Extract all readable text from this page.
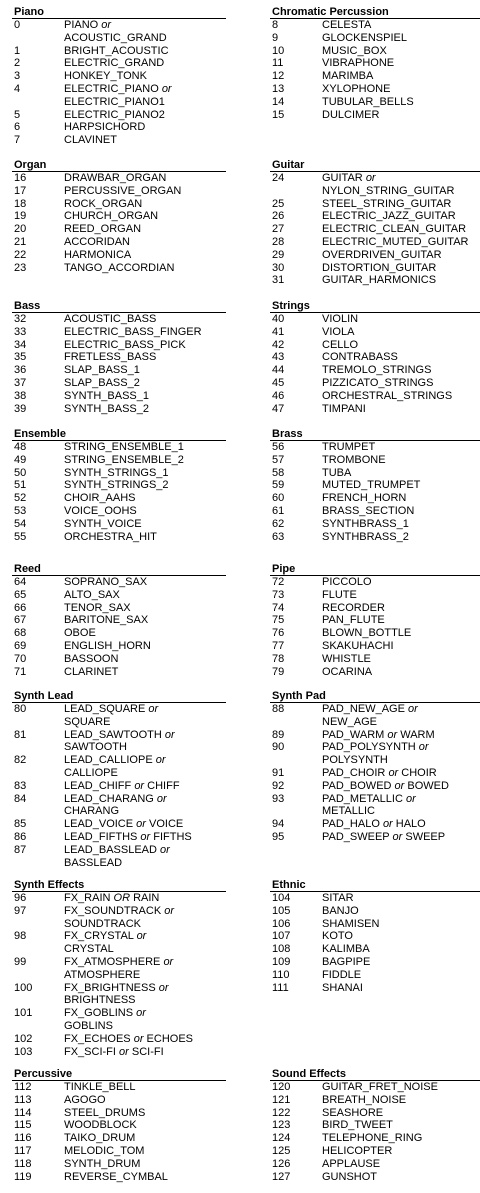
Piano
0	PIANO or
ACOUSTIC_GRAND
1	BRIGHT_ACOUSTIC
2	ELECTRIC_GRAND
3	HONKEY_TONK
4	ELECTRIC_PIANO or
ELECTRIC_PIANO1
5	ELECTRIC_PIANO2
6	HARPSICHORD
7	CLAVINET
Chromatic Percussion
8	CELESTA
9	GLOCKENSPIEL
10	MUSIC_BOX
11	VIBRAPHONE
12	MARIMBA
13	XYLOPHONE
14	TUBULAR_BELLS
15	DULCIMER
Organ
16	DRAWBAR_ORGAN
17	PERCUSSIVE_ORGAN
18	ROCK_ORGAN
19	CHURCH_ORGAN
20	REED_ORGAN
21	ACCORIDAN
22	HARMONICA
23	TANGO_ACCORDIAN
Guitar
24	GUITAR or
NYLON_STRING_GUITAR
25	STEEL_STRING_GUITAR
26	ELECTRIC_JAZZ_GUITAR
27	ELECTRIC_CLEAN_GUITAR
28	ELECTRIC_MUTED_GUITAR
29	OVERDRIVEN_GUITAR
30	DISTORTION_GUITAR
31	GUITAR_HARMONICS
Bass
32	ACOUSTIC_BASS
33	ELECTRIC_BASS_FINGER
34	ELECTRIC_BASS_PICK
35	FRETLESS_BASS
36	SLAP_BASS_1
37	SLAP_BASS_2
38	SYNTH_BASS_1
39	SYNTH_BASS_2
Strings
40	VIOLIN
41	VIOLA
42	CELLO
43	CONTRABASS
44	TREMOLO_STRINGS
45	PIZZICATO_STRINGS
46	ORCHESTRAL_STRINGS
47	TIMPANI
Ensemble
48	STRING_ENSEMBLE_1
49	STRING_ENSEMBLE_2
50	SYNTH_STRINGS_1
51	SYNTH_STRINGS_2
52	CHOIR_AAHS
53	VOICE_OOHS
54	SYNTH_VOICE
55	ORCHESTRA_HIT
Brass
56	TRUMPET
57	TROMBONE
58	TUBA
59	MUTED_TRUMPET
60	FRENCH_HORN
61	BRASS_SECTION
62	SYNTHBRASS_1
63	SYNTHBRASS_2
Reed
64	SOPRANO_SAX
65	ALTO_SAX
66	TENOR_SAX
67	BARITONE_SAX
68	OBOE
69	ENGLISH_HORN
70	BASSOON
71	CLARINET
Pipe
72	PICCOLO
73	FLUTE
74	RECORDER
75	PAN_FLUTE
76	BLOWN_BOTTLE
77	SKAKUHACHI
78	WHISTLE
79	OCARINA
Synth Lead
80	LEAD_SQUARE or
SQUARE
81	LEAD_SAWTOOTH or
SAWTOOTH
82	LEAD_CALLIOPE or
CALLIOPE
83	LEAD_CHIFF or CHIFF
84	LEAD_CHARANG or
CHARANG
85	LEAD_VOICE or VOICE
86	LEAD_FIFTHS or FIFTHS
87	LEAD_BASSLEAD or
BASSLEAD
Synth Pad
88	PAD_NEW_AGE or
NEW_AGE
89	PAD_WARM or WARM
90	PAD_POLYSYNTH or
POLYSYNTH
91	PAD_CHOIR or CHOIR
92	PAD_BOWED or BOWED
93	PAD_METALLIC or
METALLIC
94	PAD_HALO or HALO
95	PAD_SWEEP or SWEEP
Synth Effects
96	FX_RAIN OR RAIN
97	FX_SOUNDTRACK or
SOUNDTRACK
98	FX_CRYSTAL or
CRYSTAL
99	FX_ATMOSPHERE or
ATMOSPHERE
100	FX_BRIGHTNESS or
BRIGHTNESS
101	FX_GOBLINS or
GOBLINS
102	FX_ECHOES or ECHOES
103	FX_SCI-FI or SCI-FI
Ethnic
104	SITAR
105	BANJO
106	SHAMISEN
107	KOTO
108	KALIMBA
109	BAGPIPE
110	FIDDLE
111	SHANAI
Percussive
112	TINKLE_BELL
113	AGOGO
114	STEEL_DRUMS
115	WOODBLOCK
116	TAIKO_DRUM
117	MELODIC_TOM
118	SYNTH_DRUM
119	REVERSE_CYMBAL
Sound Effects
120	GUITAR_FRET_NOISE
121	BREATH_NOISE
122	SEASHORE
123	BIRD_TWEET
124	TELEPHONE_RING
125	HELICOPTER
126	APPLAUSE
127	GUNSHOT
